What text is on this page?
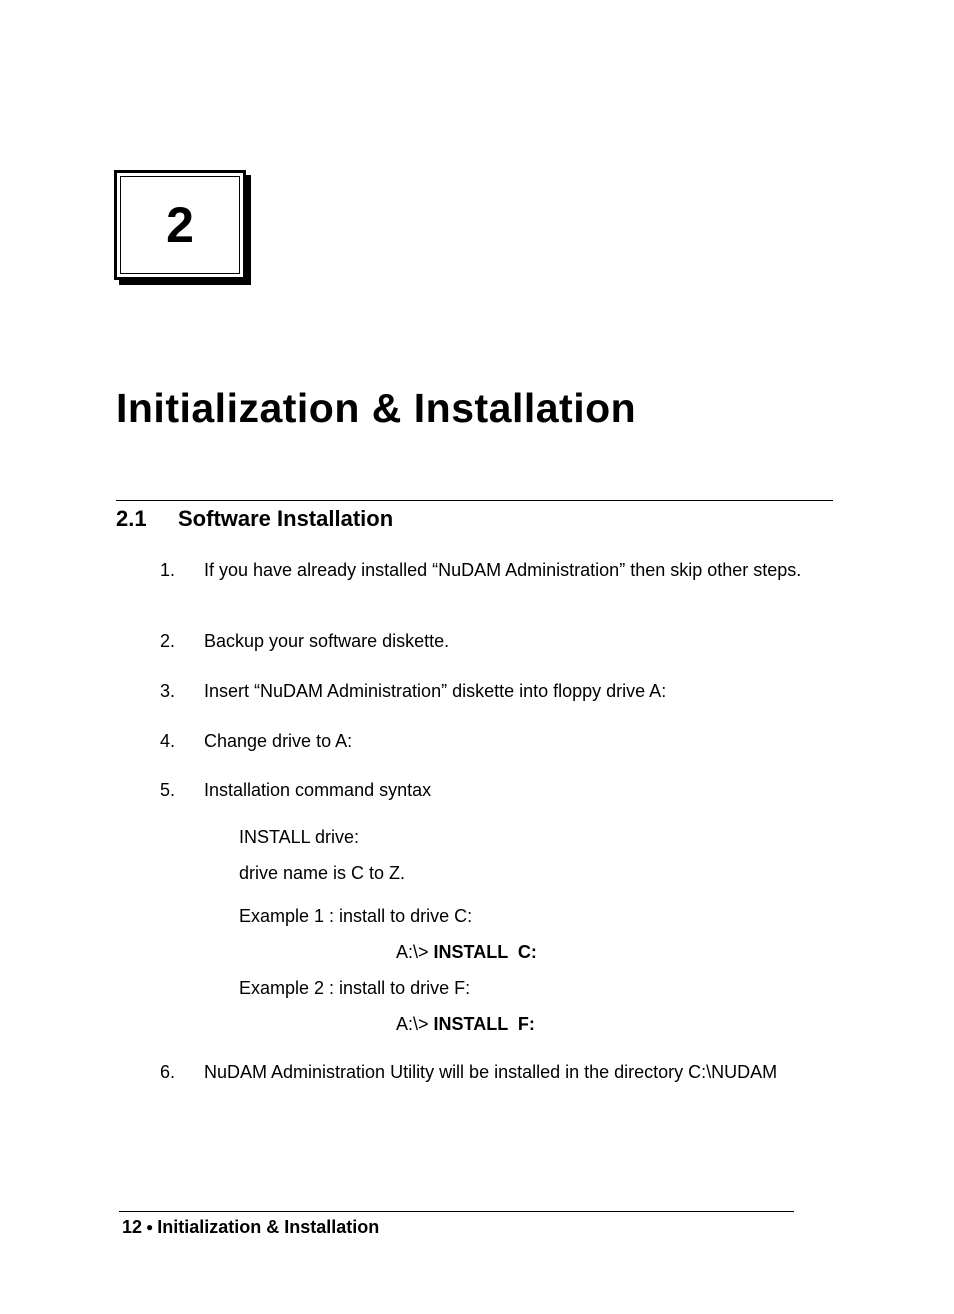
2
Initialization & Installation
2.1 Software Installation
1. If you have already installed “NuDAM Administration” then skip other steps.
2. Backup your software diskette.
3. Insert “NuDAM Administration” diskette into floppy drive A:
4. Change drive to A:
5. Installation command syntax
INSTALL drive:
drive name is C to Z.
Example 1 : install to drive C:
A:\> INSTALL  C:
Example 2 : install to drive F:
A:\> INSTALL  F:
6. NuDAM Administration Utility will be installed in the directory C:\NUDAM
12 ● Initialization & Installation
